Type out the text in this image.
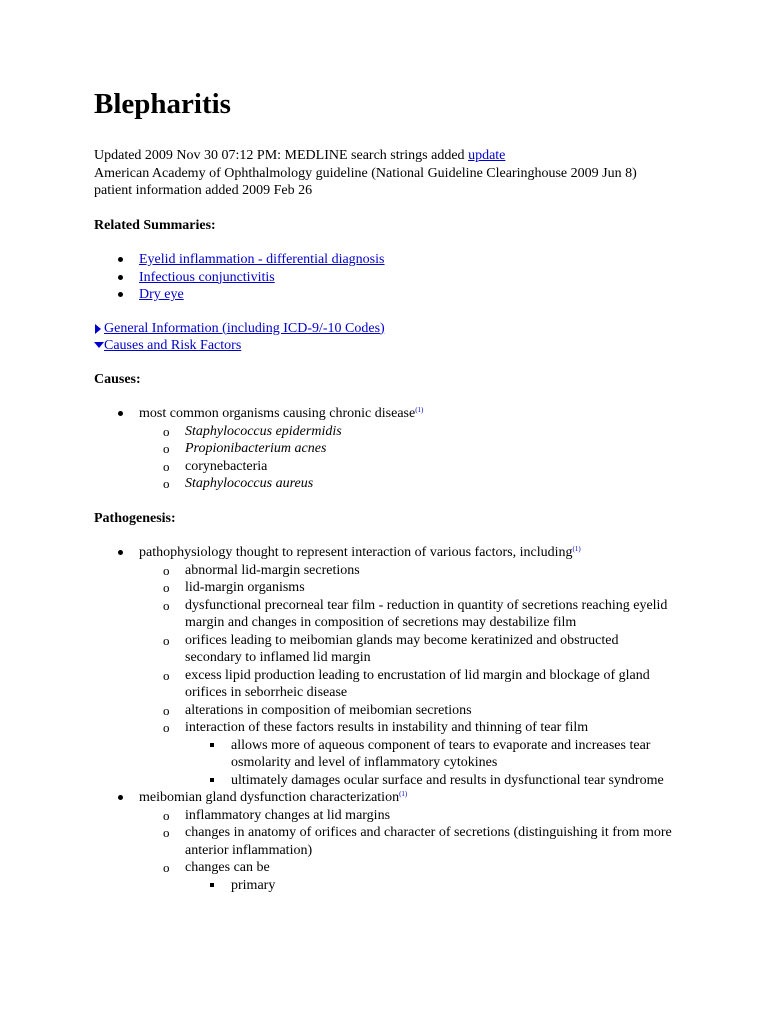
Blepharitis

Updated 2009 Nov 30 07:12 PM: MEDLINE search strings added update

American Academy of Ophthalmology guideline (National Guideline Clearinghouse 2009 Jun 8)

patient information added 2009 Feb 26

Related Summaries:

Eyelid inflammation - differential diagnosis
Infectious conjunctivitis
Dry eye
General Information (including ICD-9/-10 Codes)
Causes and Risk Factors

Causes:

most common organisms causing chronic disease$^{(1)}$
o Staphylococcus epidermidis
o Propionibacterium acnes
o corynebacteria
o Staphylococcus aureus

Pathogenesis:

pathophysiology thought to represent interaction of various factors, including$^{(1)}$
o abnormal lid-margin secretions
o lid-margin organisms
o dysfunctional precorneal tear film - reduction in quantity of secretions reaching eyelid margin and changes in composition of secretions may destabilize film
o orifices leading to meibomian glands may become keratinized and obstructed secondary to inflamed lid margin
o excess lipid production leading to encrustation of lid margin and blockage of gland orifices in seborrheic disease
o alterations in composition of meibomian secretions
o interaction of these factors results in instability and thinning of tear film
allows more of aqueous component of tears to evaporate and increases tear osmolarity and level of inflammatory cytokines
ultimately damages ocular surface and results in dysfunctional tear syndrome
meibomian gland dysfunction characterization$^{(1)}$
o inflammatory changes at lid margins
o changes in anatomy of orifices and character of secretions (distinguishing it from more anterior inflammation)
o changes can be
primary
